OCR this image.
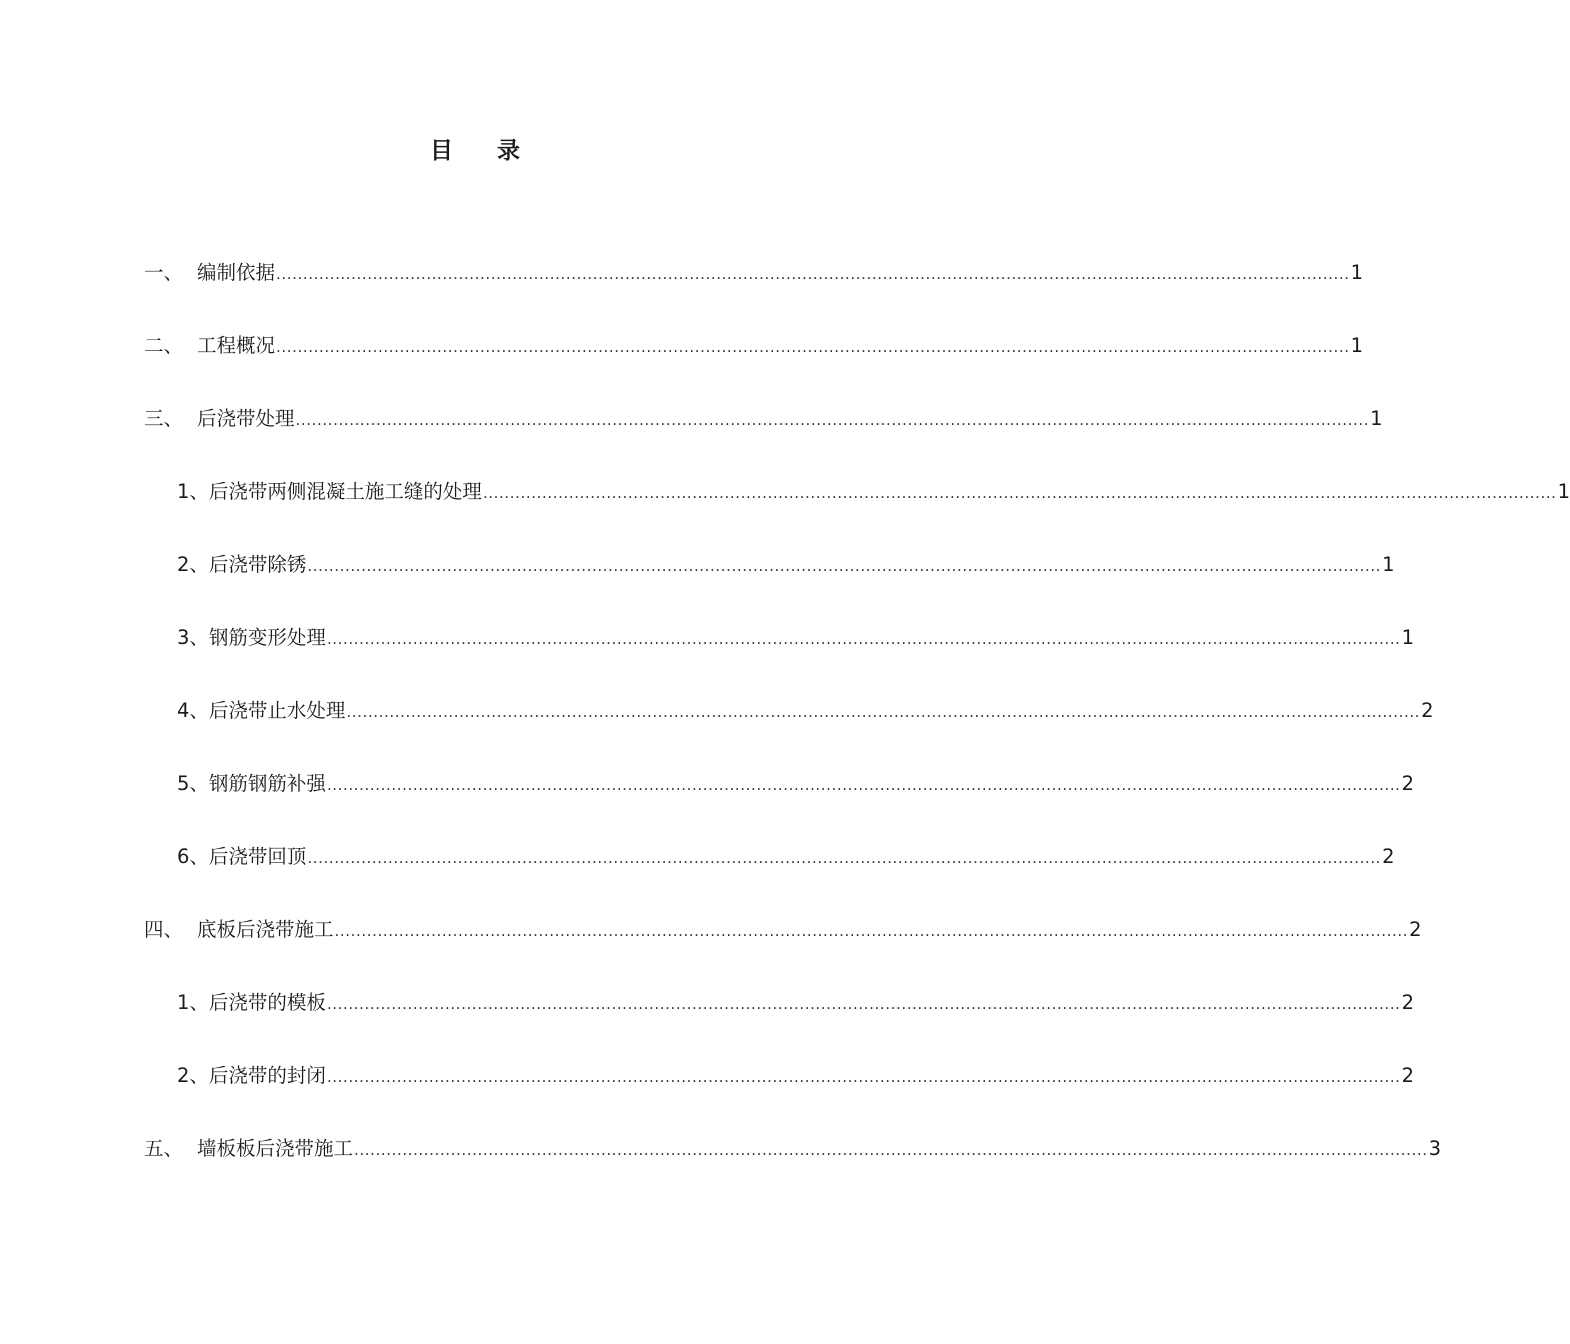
目 录
一、 编制依据 ........................................................................................................................................................................................................ 1
二、 工程概况 ........................................................................................................................................................................................................ 1
三、 后浇带处理 ........................................................................................................................................................................................................ 1
1、 后浇带两侧混凝土施工缝的处理 ........................................................................................................................................................................................................ 1
2、 后浇带除锈 ........................................................................................................................................................................................................ 1
3、 钢筋变形处理 ........................................................................................................................................................................................................ 1
4、 后浇带止水处理 ........................................................................................................................................................................................................ 2
5、 钢筋钢筋补强 ........................................................................................................................................................................................................ 2
6、 后浇带回顶 ........................................................................................................................................................................................................ 2
四、 底板后浇带施工 ........................................................................................................................................................................................................ 2
1、 后浇带的模板 ........................................................................................................................................................................................................ 2
2、 后浇带的封闭 ........................................................................................................................................................................................................ 2
五、 墙板板后浇带施工 ........................................................................................................................................................................................................ 3
